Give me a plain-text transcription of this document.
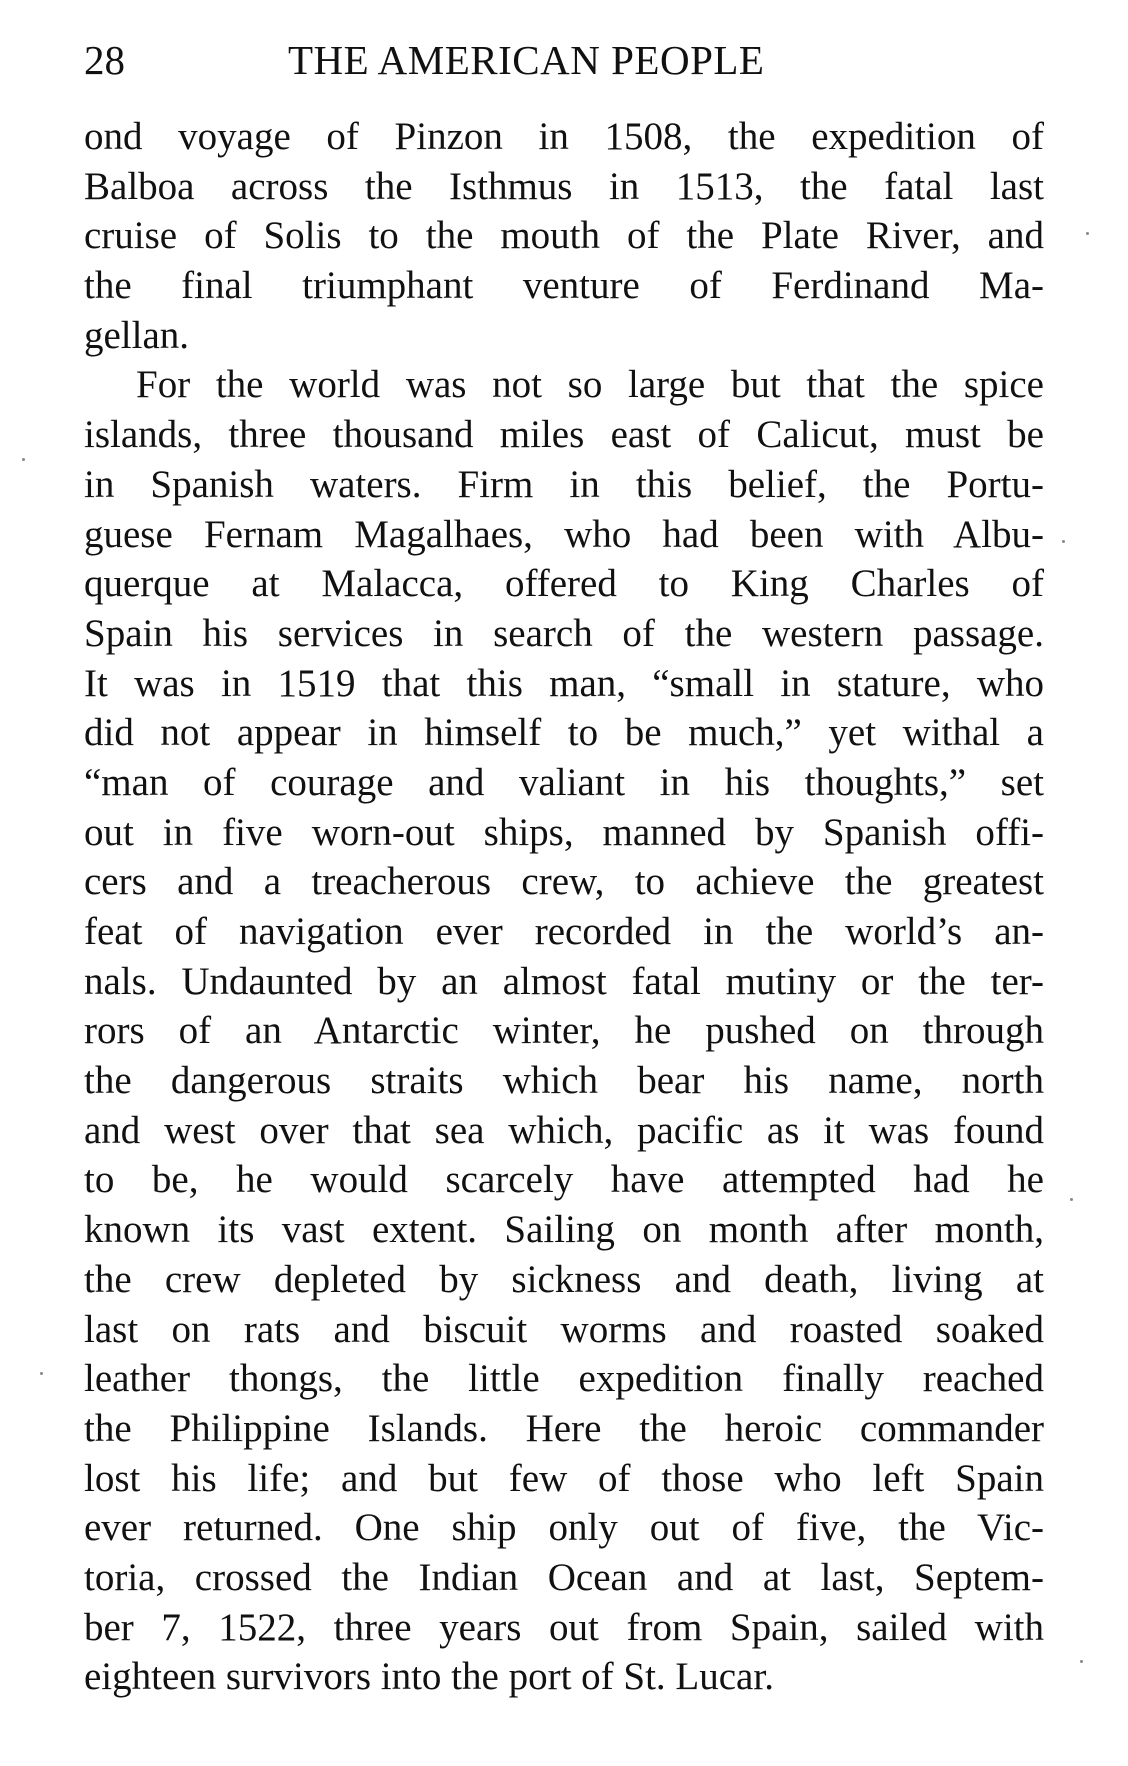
28	THE AMERICAN PEOPLE
ond voyage of Pinzon in 1508, the expedition of
Balboa across the Isthmus in 1513, the fatal last
cruise of Solis to the mouth of the Plate River, and
the final triumphant venture of Ferdinand Ma-
gellan.
For the world was not so large but that the spice
islands, three thousand miles east of Calicut, must be
in Spanish waters. Firm in this belief, the Portu-
guese Fernam Magalhaes, who had been with Albu-
querque at Malacca, offered to King Charles of
Spain his services in search of the western passage.
It was in 1519 that this man, “small in stature, who
did not appear in himself to be much,” yet withal a
“man of courage and valiant in his thoughts,” set
out in five worn-out ships, manned by Spanish offi-
cers and a treacherous crew, to achieve the greatest
feat of navigation ever recorded in the world’s an-
nals. Undaunted by an almost fatal mutiny or the ter-
rors of an Antarctic winter, he pushed on through
the dangerous straits which bear his name, north
and west over that sea which, pacific as it was found
to be, he would scarcely have attempted had he
known its vast extent. Sailing on month after month,
the crew depleted by sickness and death, living at
last on rats and biscuit worms and roasted soaked
leather thongs, the little expedition finally reached
the Philippine Islands. Here the heroic commander
lost his life; and but few of those who left Spain
ever returned. One ship only out of five, the Vic-
toria, crossed the Indian Ocean and at last, Septem-
ber 7, 1522, three years out from Spain, sailed with
eighteen survivors into the port of St. Lucar.
